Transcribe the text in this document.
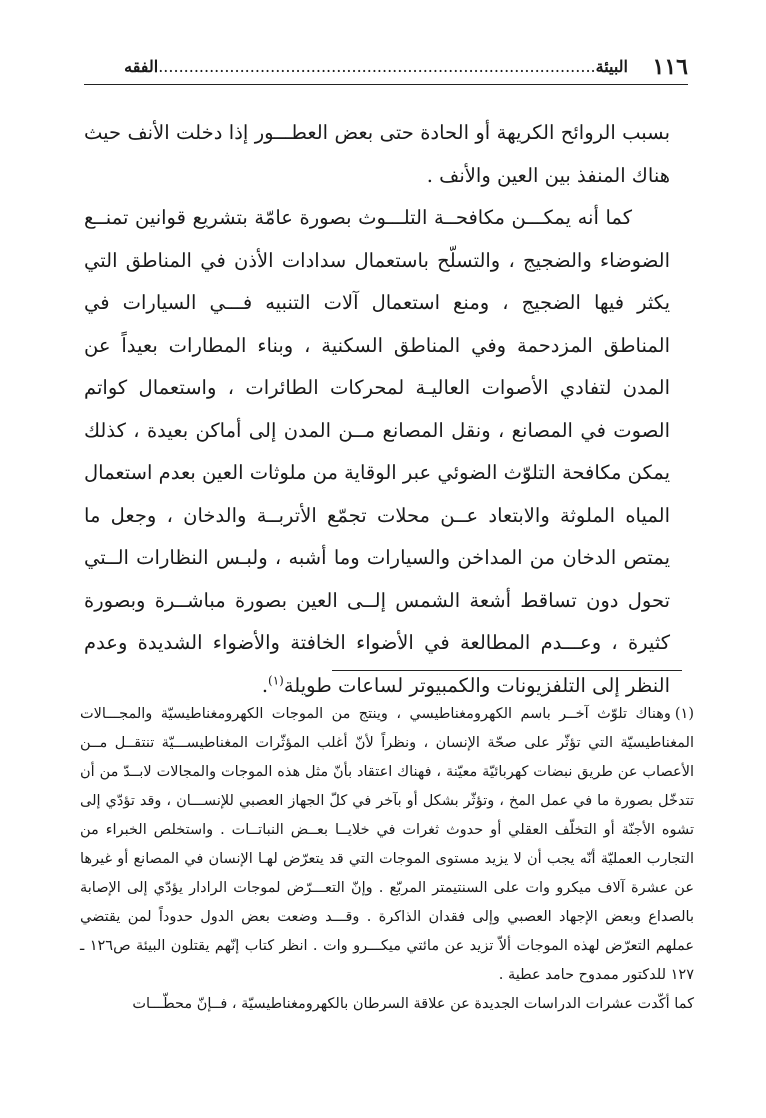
١١٦
البيئة......................................................................................الفقه

بسبب الروائح الكريهة أو الحادة حتى بعض العطـــور إذا دخلت الأنف حيث هناك المنفذ بين العين والأنف .

كما أنه يمكـــن مكافحــة التلـــوث بصورة عامّة بتشريع قوانين تمنــع الضوضاء والضجيج ، والتسلّح باستعمال سدادات الأذن في المناطق التي يكثر فيها الضجيج ، ومنع استعمال آلات التنبيه فـــي السيارات في المناطق المزدحمة وفي المناطق السكنية ، وبناء المطارات بعيداً عن المدن لتفادي الأصوات العاليـة لمحركات الطائرات ، واستعمال كواتم الصوت في المصانع ، ونقل المصانع مــن المدن إلى أماكن بعيدة ، كذلك يمكن مكافحة التلوّث الضوئي عبر الوقاية من ملوثات العين بعدم استعمال المياه الملوثة والابتعاد عــن محلات تجمّع الأتربــة والدخان ، وجعل ما يمتص الدخان من المداخن والسيارات وما أشبه ، ولبـس النظارات الــتي تحول دون تساقط أشعة الشمس إلــى العين بصورة مباشــرة وبصورة كثيرة ، وعـــدم المطالعة في الأضواء الخافتة والأضواء الشديدة وعدم النظر إلى التلفزيونات والكمبيوتر لساعات طويلة$^{(١)}$.

(١)وهناك تلوّث آخــر باسم الكهرومغناطيسي ، وينتج من الموجات الكهرومغناطيسيّة والمجـــالات المغناطيسيّة التي تؤثّر على صحّة الإنسان ، ونظراً لأنّ أغلب المؤثّرات المغناطيســـيّة تنتقــل مــن الأعصاب عن طريق نبضات كهربائيّة معيّنة ، فهناك اعتقاد بأنّ مثل هذه الموجات والمجالات لابــدّ من أن تتدخّل بصورة ما في عمل المخ ، وتؤثّر بشكل أو بآخر في كلّ الجهاز العصبي للإنســـان ، وقد تؤدّي إلى تشوه الأجنّة أو التخلّف العقلي أو حدوث ثغرات في خلايــا بعــض النباتــات . واستخلص الخبراء من التجارب العمليّة أنّه يجب أن لا يزيد مستوى الموجات التي قد يتعرّض لهـا الإنسان في المصانع أو غيرها عن عشرة آلاف ميكرو وات على السنتيمتر المربّع . وإنّ التعـــرّض لموجات الرادار يؤدّي إلى الإصابة بالصداع وبعض الإجهاد العصبي وإلى فقدان الذاكرة . وقـــد وضعت بعض الدول حدوداً لمن يقتضي عملهم التعرّض لهذه الموجات ألاّ تزيد عن مائتي ميكـــرو وات . انظر كتاب إنّهم يقتلون البيئة ص١٢٦ ـ ١٢٧ للدكتور ممدوح حامد عطية .

كما أكّدت عشرات الدراسات الجديدة عن علاقة السرطان بالكهرومغناطيسيّة ، فــإنّ محطّـــات
